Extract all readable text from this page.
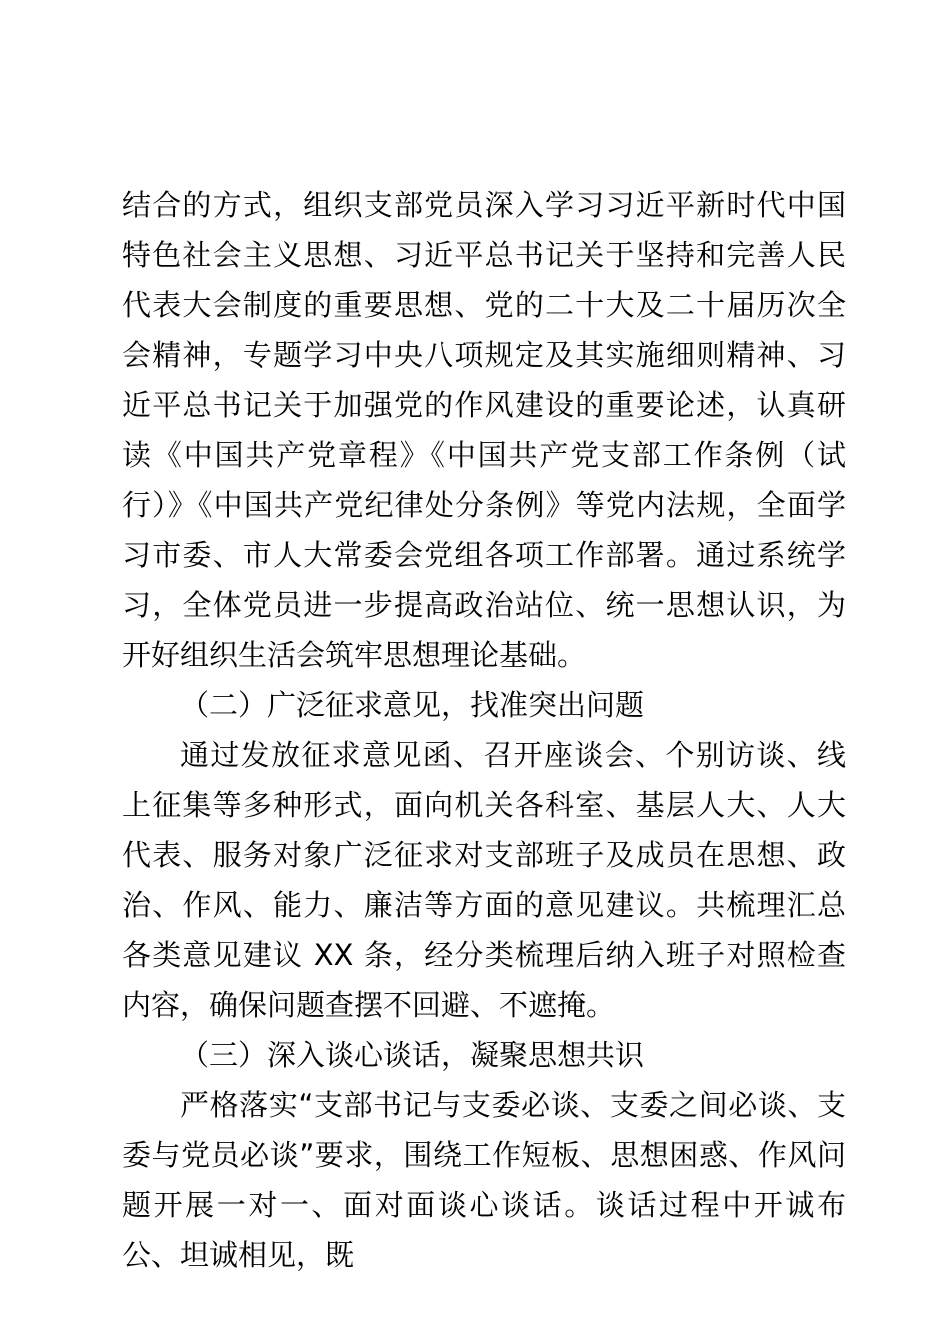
结合的方式，组织支部党员深入学习习近平新时代中国特色社会主义思想、习近平总书记关于坚持和完善人民代表大会制度的重要思想、党的二十大及二十届历次全会精神，专题学习中央八项规定及其实施细则精神、习近平总书记关于加强党的作风建设的重要论述，认真研读《中国共产党章程》《中国共产党支部工作条例（试行）》《中国共产党纪律处分条例》等党内法规，全面学习市委、市人大常委会党组各项工作部署。通过系统学习，全体党员进一步提高政治站位、统一思想认识，为开好组织生活会筑牢思想理论基础。

（二）广泛征求意见，找准突出问题

通过发放征求意见函、召开座谈会、个别访谈、线上征集等多种形式，面向机关各科室、基层人大、人大代表、服务对象广泛征求对支部班子及成员在思想、政治、作风、能力、廉洁等方面的意见建议。共梳理汇总各类意见建议 XX 条，经分类梳理后纳入班子对照检查内容，确保问题查摆不回避、不遮掩。

（三）深入谈心谈话，凝聚思想共识

严格落实“支部书记与支委必谈、支委之间必谈、支委与党员必谈”要求，围绕工作短板、思想困惑、作风问题开展一对一、面对面谈心谈话。谈话过程中开诚布公、坦诚相见，既
